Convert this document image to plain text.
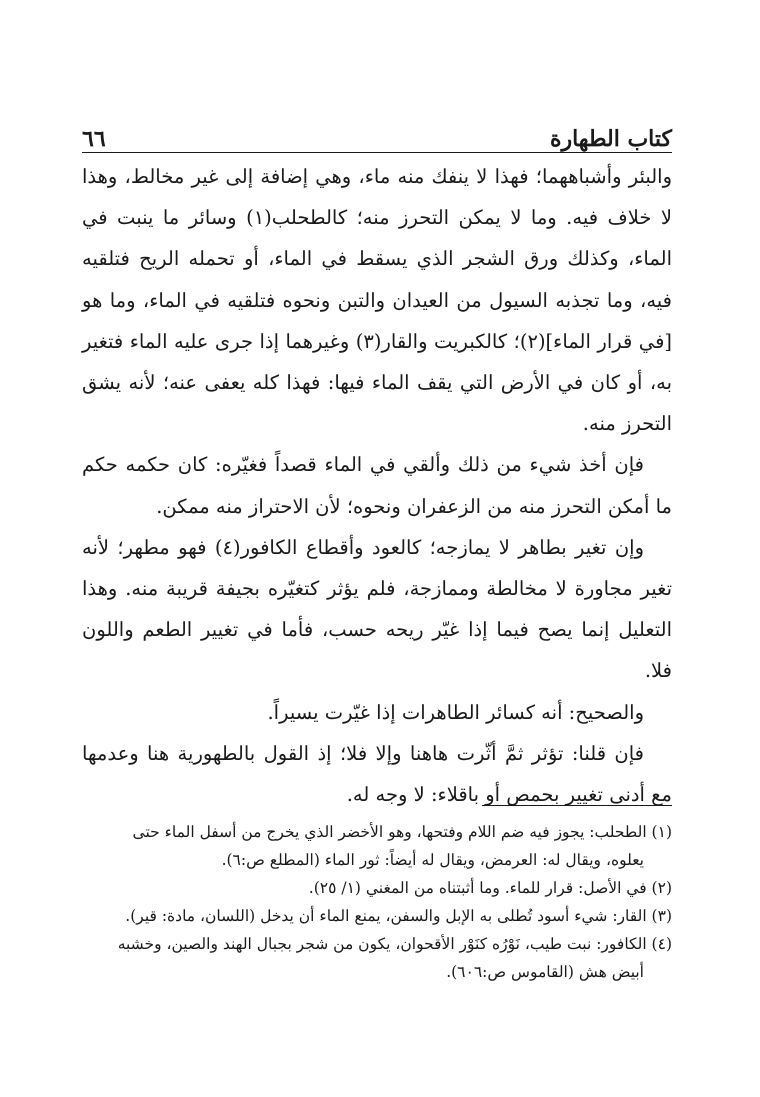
كتاب الطهارة
٦٦

والبئر وأشباههما؛ فهذا لا ينفك منه ماء، وهي إضافة إلى غير مخالط، وهذا لا خلاف فيه. وما لا يمكن التحرز منه؛ كالطحلب(١) وسائر ما ينبت في الماء، وكذلك ورق الشجر الذي يسقط في الماء، أو تحمله الريح فتلقيه فيه، وما تجذبه السيول من العيدان والتبن ونحوه فتلقيه في الماء، وما هو [في قرار الماء](٢)؛ كالكبريت والقار(٣) وغيرهما إذا جرى عليه الماء فتغير به، أو كان في الأرض التي يقف الماء فيها: فهذا كله يعفى عنه؛ لأنه يشق التحرز منه.

فإن أخذ شيء من ذلك وألقي في الماء قصداً فغيّره: كان حكمه حكم ما أمكن التحرز منه من الزعفران ونحوه؛ لأن الاحتراز منه ممكن.

وإن تغير بطاهر لا يمازجه؛ كالعود وأقطاع الكافور(٤) فهو مطهر؛ لأنه تغير مجاورة لا مخالطة وممازجة، فلم يؤثر كتغيّره بجيفة قريبة منه. وهذا التعليل إنما يصح فيما إذا غيّر ريحه حسب، فأما في تغيير الطعم واللون فلا.

والصحيح: أنه كسائر الطاهرات إذا غيّرت يسيراً.

فإن قلنا: تؤثر ثمَّ أثّرت هاهنا وإلا فلا؛ إذ القول بالطهورية هنا وعدمها مع أدنى تغيير بحمص أو باقلاء: لا وجه له.

(١) الطحلب: يجوز فيه ضم اللام وفتحها، وهو الأخضر الذي يخرج من أسفل الماء حتى
يعلوه، ويقال له: العرمض، ويقال له أيضاً: ثور الماء (المطلع ص:٦).

(٢) في الأصل: قرار للماء. وما أثبتناه من المغني (١/ ٢٥).

(٣) القار: شيء أسود تُطلى به الإبل والسفن، يمنع الماء أن يدخل (اللسان، مادة: قير).

(٤) الكافور: نبت طيب، نَوْرُه كنَوْر الأقحوان، يكون من شجر بجبال الهند والصين، وخشبه
أبيض هش (القاموس ص:٦٠٦).
